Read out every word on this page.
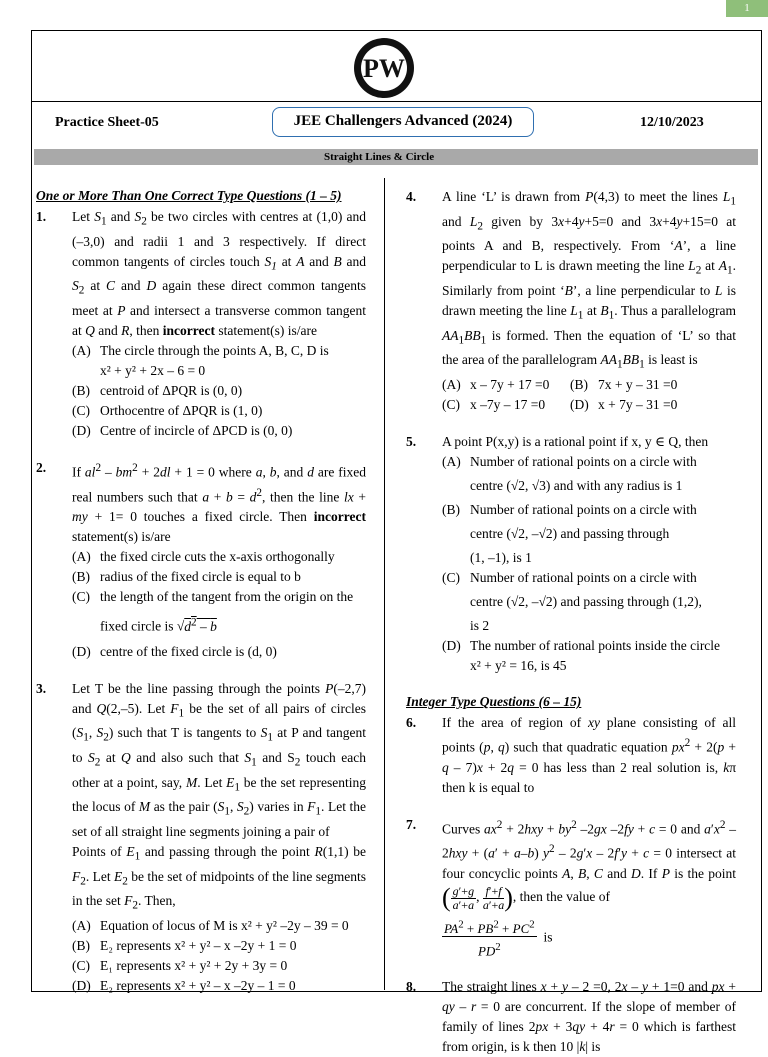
1
PW
Practice Sheet-05	JEE Challengers Advanced (2024)	12/10/2023
Straight Lines & Circle
One or More Than One Correct Type Questions (1 – 5)
1.	Let $S_1$ and $S_2$ be two circles with centres at (1,0) and (–3,0) and radii 1 and 3 respectively. If direct common tangents of circles touch $S_1$ at A and B and $S_2$ at C and D again these direct common tangents meet at P and intersect a transverse common tangent at Q and R, then incorrect statement(s) is/are
(A) The circle through the points A, B, C, D is
x² + y² + 2x – 6 = 0
(B) centroid of ΔPQR is (0, 0)
(C) Orthocentre of ΔPQR is (1, 0)
(D) Centre of incircle of ΔPCD is (0, 0)
2.	If $al^2 - bm^2 + 2dl + 1 = 0$ where a, b, and d are fixed real numbers such that $a + b = d^2$, then the line lx + my + 1= 0 touches a fixed circle. Then incorrect statement(s) is/are
(A) the fixed circle cuts the x-axis orthogonally
(B) radius of the fixed circle is equal to b
(C) the length of the tangent from the origin on the
fixed circle is $√d^2$ – b
(D) centre of the fixed circle is (d, 0)
3.	Let T be the line passing through the points P(–2,7) and Q(2,–5). Let $F_1$ be the set of all pairs of circles ($S_1$, $S_2$) such that T is tangents to $S_1$ at P and tangent to $S_2$ at Q and also such that $S_1$ and $S_2$ touch each other at a point, say, M. Let $E_1$ be the set representing the locus of M as the pair ($S_1$, $S_2$) varies in $F_1$. Let the set of all straight line segments joining a pair of
Points of $E_1$ and passing through the point R(1,1) be $F_2$. Let $E_2$ be the set of midpoints of the line segments in the set $F_2$. Then,
(A) Equation of locus of M is x² + y² –2y – 39 = 0
(B) E₂ represents x² + y² – x –2y + 1 = 0
(C) E₁ represents x² + y² + 2y + 3y = 0
(D) E₂ represents x² + y² – x –2y – 1 = 0
4.	A line ‘L’ is drawn from P(4,3) to meet the lines $L_1$ and $L_2$ given by 3x+4y+5=0 and 3x+4y+15=0 at points A and B, respectively. From ‘A’, a line perpendicular to L is drawn meeting the line $L_2$ at $A_1$. Similarly from point ‘B’, a line perpendicular to L is drawn meeting the line $L_1$ at $B_1$. Thus a parallelogram $AA_1BB_1$ is formed. Then the equation of ‘L’ so that the area of the parallelogram $AA_1BB_1$ is least is
(A) x – 7y + 17 =0	(B) 7x + y – 31 =0
(C) x –7y – 17 =0	(D) x + 7y – 31 =0
5.	A point P(x,y) is a rational point if x, y ∈ Q, then
(A) Number of rational points on a circle with
centre (√2, √3) and with any radius is 1
(B) Number of rational points on a circle with
centre (√2, –√2) and passing through
(1, –1), is 1
(C) Number of rational points on a circle with
centre (√2, –√2) and passing through (1,2),
is 2
(D) The number of rational points inside the circle
x² + y² = 16, is 45
Integer Type Questions (6 – 15)
6.	If the area of region of xy plane consisting of all points (p, q) such that quadratic equation $px^2 + 2(p + q - 7)x + 2q = 0$ has less than 2 real solution is, kπ then k is equal to
7.	Curves $ax^2 + 2hxy + by^2$ –2gx –2fy + c = 0 and $a'x^2$ –2hxy + (a′ + a–b) $y^2 - 2g'x - 2f'y + c = 0$ intersect at four concyclic points A, B, C and D. If P is the point ( g′+g
a′+a, f′+f
a′+a), then the value of
$PA^2 + PB^2 + PC^2$
$PD^2$  is
8.	The straight lines x + y – 2 =0, 2x – y + 1=0 and px + qy – r = 0 are concurrent. If the slope of member of family of lines 2px + 3qy + 4r = 0 which is farthest from origin, is k then 10 |k| is
